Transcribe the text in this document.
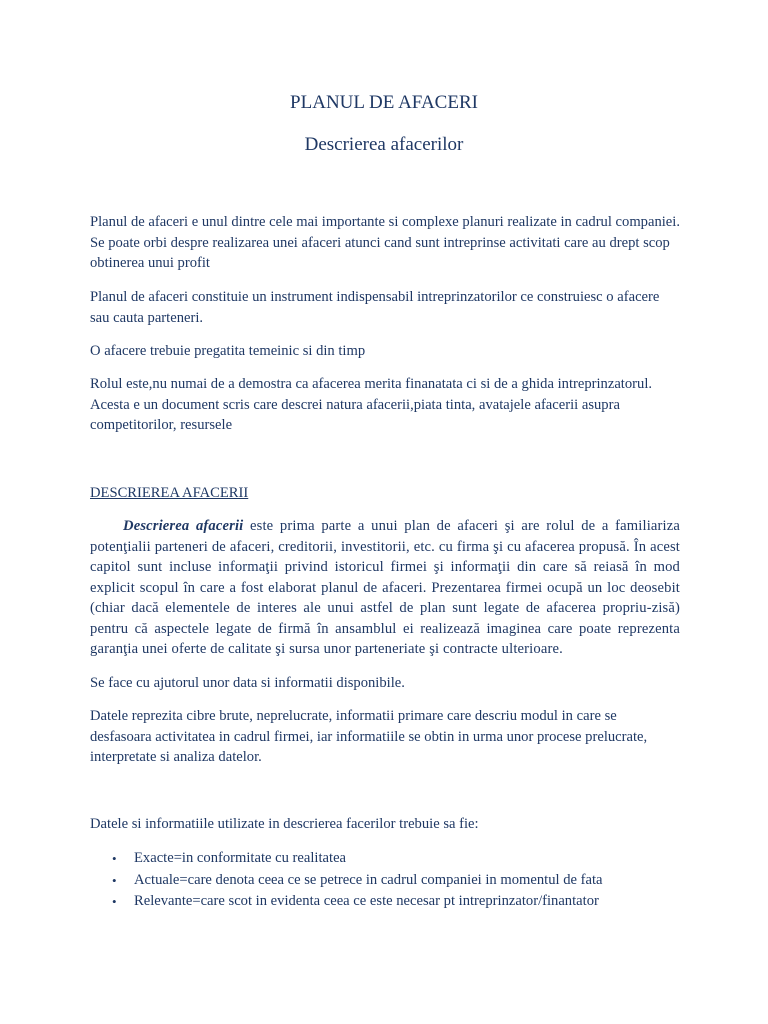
PLANUL DE AFACERI
Descrierea afacerilor

Planul de afaceri e unul dintre cele mai importante si complexe planuri realizate in cadrul companiei. Se poate orbi despre realizarea unei afaceri atunci cand sunt intreprinse activitati care au drept scop obtinerea unui profit

Planul de afaceri constituie un instrument indispensabil intreprinzatorilor ce construiesc o afacere sau cauta parteneri.

O afacere trebuie pregatita temeinic si din timp

Rolul este,nu numai de a demostra ca afacerea merita finanatata ci si de a ghida intreprinzatorul. Acesta e un document scris care descrei natura afacerii,piata tinta, avatajele afacerii asupra competitorilor, resursele

DESCRIEREA AFACERII

Descrierea afacerii este prima parte a unui plan de afaceri şi are rolul de a familiariza potenţialii parteneri de afaceri, creditorii, investitorii, etc. cu firma şi cu afacerea propusă. În acest capitol sunt incluse informaţii privind istoricul firmei şi informaţii din care să reiasă în mod explicit scopul în care a fost elaborat planul de afaceri. Prezentarea firmei ocupă un loc deosebit (chiar dacă elementele de interes ale unui astfel de plan sunt legate de afacerea propriu-zisă) pentru că aspectele legate de firmă în ansamblul ei realizează imaginea care poate reprezenta garanţia unei oferte de calitate şi sursa unor parteneriate şi contracte ulterioare.

Se face cu ajutorul unor data si informatii disponibile.

Datele reprezita cibre brute, neprelucrate, informatii primare care descriu modul in care se desfasoara activitatea in cadrul firmei, iar informatiile se obtin in urma unor procese prelucrate, interpretate si analiza datelor.

Datele si informatiile utilizate in descrierea facerilor trebuie sa fie:

• Exacte=in conformitate cu realitatea
• Actuale=care denota ceea ce se petrece in cadrul companiei in momentul de fata
• Relevante=care scot in evidenta ceea ce este necesar pt intreprinzator/finantator
